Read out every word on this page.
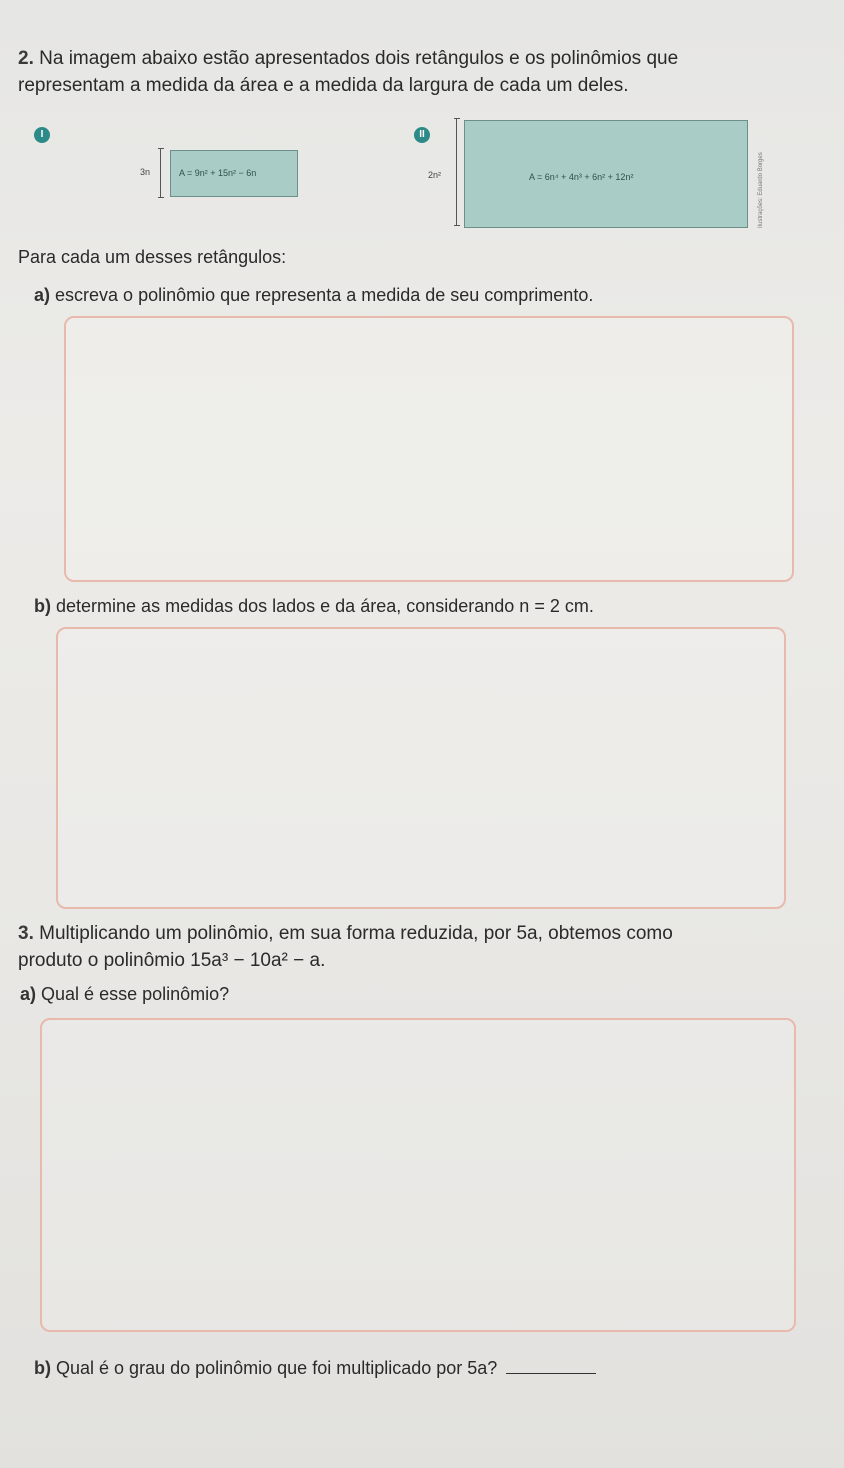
2. Na imagem abaixo estão apresentados dois retângulos e os polinômios que
representam a medida da área e a medida da largura de cada um deles.

I
3n	A = 9n² + 15n² − 6n
II
2n²	A = 6n⁴ + 4n³ + 6n² + 12n²	Ilustrações: Eduardo Borges

Para cada um desses retângulos:

a) escreva o polinômio que representa a medida de seu comprimento.

b) determine as medidas dos lados e da área, considerando n = 2 cm.

3. Multiplicando um polinômio, em sua forma reduzida, por 5a, obtemos como
produto o polinômio 15a³ − 10a² − a.

a) Qual é esse polinômio?

b) Qual é o grau do polinômio que foi multiplicado por 5a?
